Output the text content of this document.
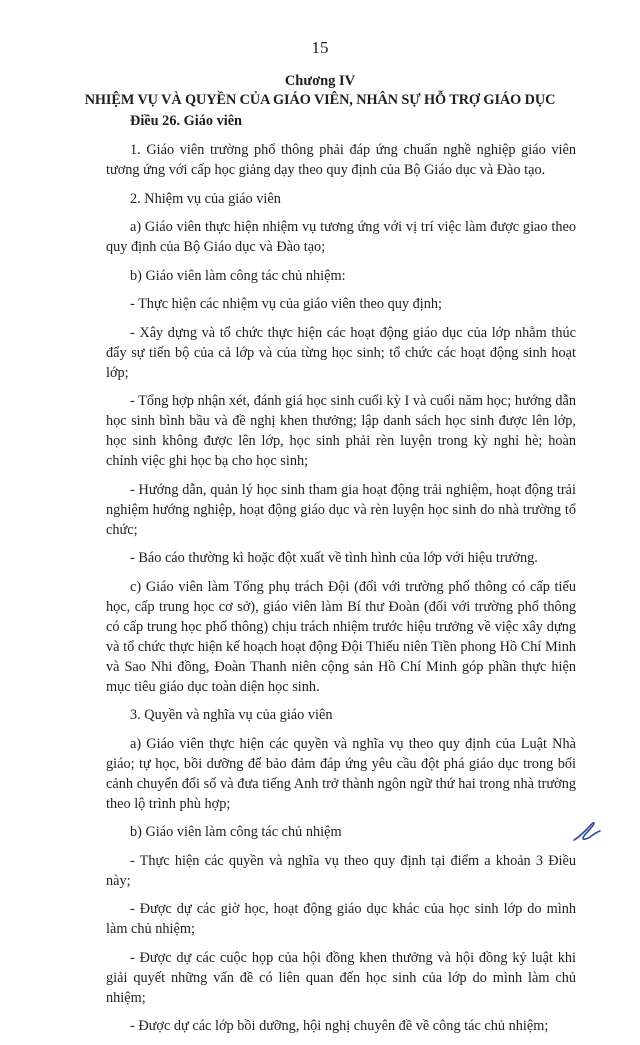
15
Chương IV
NHIỆM VỤ VÀ QUYỀN CỦA GIÁO VIÊN, NHÂN SỰ HỖ TRỢ GIÁO DỤC
Điều 26. Giáo viên

1. Giáo viên trường phổ thông phải đáp ứng chuẩn nghề nghiệp giáo viên tương ứng với cấp học giảng dạy theo quy định của Bộ Giáo dục và Đào tạo.

2. Nhiệm vụ của giáo viên

a) Giáo viên thực hiện nhiệm vụ tương ứng với vị trí việc làm được giao theo quy định của Bộ Giáo dục và Đào tạo;

b) Giáo viên làm công tác chủ nhiệm:

- Thực hiện các nhiệm vụ của giáo viên theo quy định;

- Xây dựng và tổ chức thực hiện các hoạt động giáo dục của lớp nhằm thúc đẩy sự tiến bộ của cả lớp và của từng học sinh; tổ chức các hoạt động sinh hoạt lớp;

- Tổng hợp nhận xét, đánh giá học sinh cuối kỳ I và cuối năm học; hướng dẫn học sinh bình bầu và đề nghị khen thưởng; lập danh sách học sinh được lên lớp, học sinh không được lên lớp, học sinh phải rèn luyện trong kỳ nghỉ hè; hoàn chỉnh việc ghi học bạ cho học sinh;

- Hướng dẫn, quản lý học sinh tham gia hoạt động trải nghiệm, hoạt động trải nghiệm hướng nghiệp, hoạt động giáo dục và rèn luyện học sinh do nhà trường tổ chức;

- Báo cáo thường kì hoặc đột xuất về tình hình của lớp với hiệu trưởng.

c) Giáo viên làm Tổng phụ trách Đội (đối với trường phổ thông có cấp tiểu học, cấp trung học cơ sở), giáo viên làm Bí thư Đoàn (đối với trường phổ thông có cấp trung học phổ thông) chịu trách nhiệm trước hiệu trưởng về việc xây dựng và tổ chức thực hiện kế hoạch hoạt động Đội Thiếu niên Tiền phong Hồ Chí Minh và Sao Nhi đồng, Đoàn Thanh niên cộng sản Hồ Chí Minh góp phần thực hiện mục tiêu giáo dục toàn diện học sinh.

3. Quyền và nghĩa vụ của giáo viên

a) Giáo viên thực hiện các quyền và nghĩa vụ theo quy định của Luật Nhà giáo; tự học, bồi dưỡng để bảo đảm đáp ứng yêu cầu đột phá giáo dục trong bối cảnh chuyển đổi số và đưa tiếng Anh trở thành ngôn ngữ thứ hai trong nhà trường theo lộ trình phù hợp;

b) Giáo viên làm công tác chủ nhiệm

- Thực hiện các quyền và nghĩa vụ theo quy định tại điểm a khoản 3 Điều này;

- Được dự các giờ học, hoạt động giáo dục khác của học sinh lớp do mình làm chủ nhiệm;

- Được dự các cuộc họp của hội đồng khen thưởng và hội đồng kỷ luật khi giải quyết những vấn đề có liên quan đến học sinh của lớp do mình làm chủ nhiệm;

- Được dự các lớp bồi dưỡng, hội nghị chuyên đề về công tác chủ nhiệm;
